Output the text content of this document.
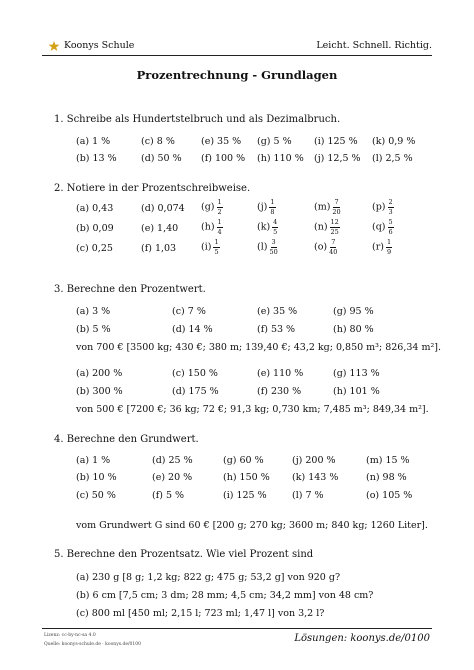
Koonys Schule	Leicht. Schnell. Richtig.
Prozentrechnung - Grundlagen
1. Schreibe als Hundertstelbruch und als Dezimalbruch.
(a) 1 %	(c) 8 %	(e) 35 % (g) 5 % (i) 125 % (k) 0,9 %
(b) 13 %	(d) 50 % (f) 100 % (h) 110 % (j) 12,5 % (l) 2,5 %
2. Notiere in der Prozentschreibweise.
(a) 0,43	(d) 0,074 $(g) \frac{1}{2}$	$(j) \frac{1}{8}$	$(m) \frac{7}{20}$	$(p) \frac{2}{3}$
(b) 0,09	(e) 1,40 $(h) \frac{1}{4}$	$(k) \frac{4}{5}$	$(n) \frac{12}{25}$	$(q) \frac{5}{6}$
(c) 0,25	(f) 1,03	$(i) \frac{1}{5}$	$(l) \frac{3}{50}$	$(o) \frac{7}{40}$	$(r) \frac{1}{9}$
3. Berechne den Prozentwert.
(a) 3 %	(c) 7 %	(e) 35 %	(g) 95 %
(b) 5 %	(d) 14 %	(f) 53 %	(h) 80 %
von 700 € [3500 kg; 430 €; 380 m; 139,40 €; 43,2 kg; 0,850 m³; 826,34 m²].
(a) 200 %	(c) 150 %	(e) 110 %	(g) 113 %
(b) 300 %	(d) 175 %	(f) 230 %	(h) 101 %
von 500 € [7200 €; 36 kg; 72 €; 91,3 kg; 0,730 km; 7,485 m³; 849,34 m²].
4. Berechne den Grundwert.
(a) 1 %	(d) 25 %	(g) 60 %	(j) 200 %	(m) 15 %
(b) 10 %	(e) 20 %	(h) 150 % (k) 143 %	(n) 98 %
(c) 50 %	(f) 5 %	(i) 125 %	(l) 7 %	(o) 105 %
vom Grundwert G sind 60 € [200 g; 270 kg; 3600 m; 840 kg; 1260 Liter].
5. Berechne den Prozentsatz. Wie viel Prozent sind
(a) 230 g [8 g; 1,2 kg; 822 g; 475 g; 53,2 g] von 920 g?
(b) 6 cm [7,5 cm; 3 dm; 28 mm; 4,5 cm; 34,2 mm] von 48 cm?
(c) 800 ml [450 ml; 2,15 l; 723 ml; 1,47 l] von 3,2 l?
Lizenz: cc-by-nc-sa 4.0
Quelle: koonys-schule.de · koonys.de/0100
Lösungen: koonys.de/0100
